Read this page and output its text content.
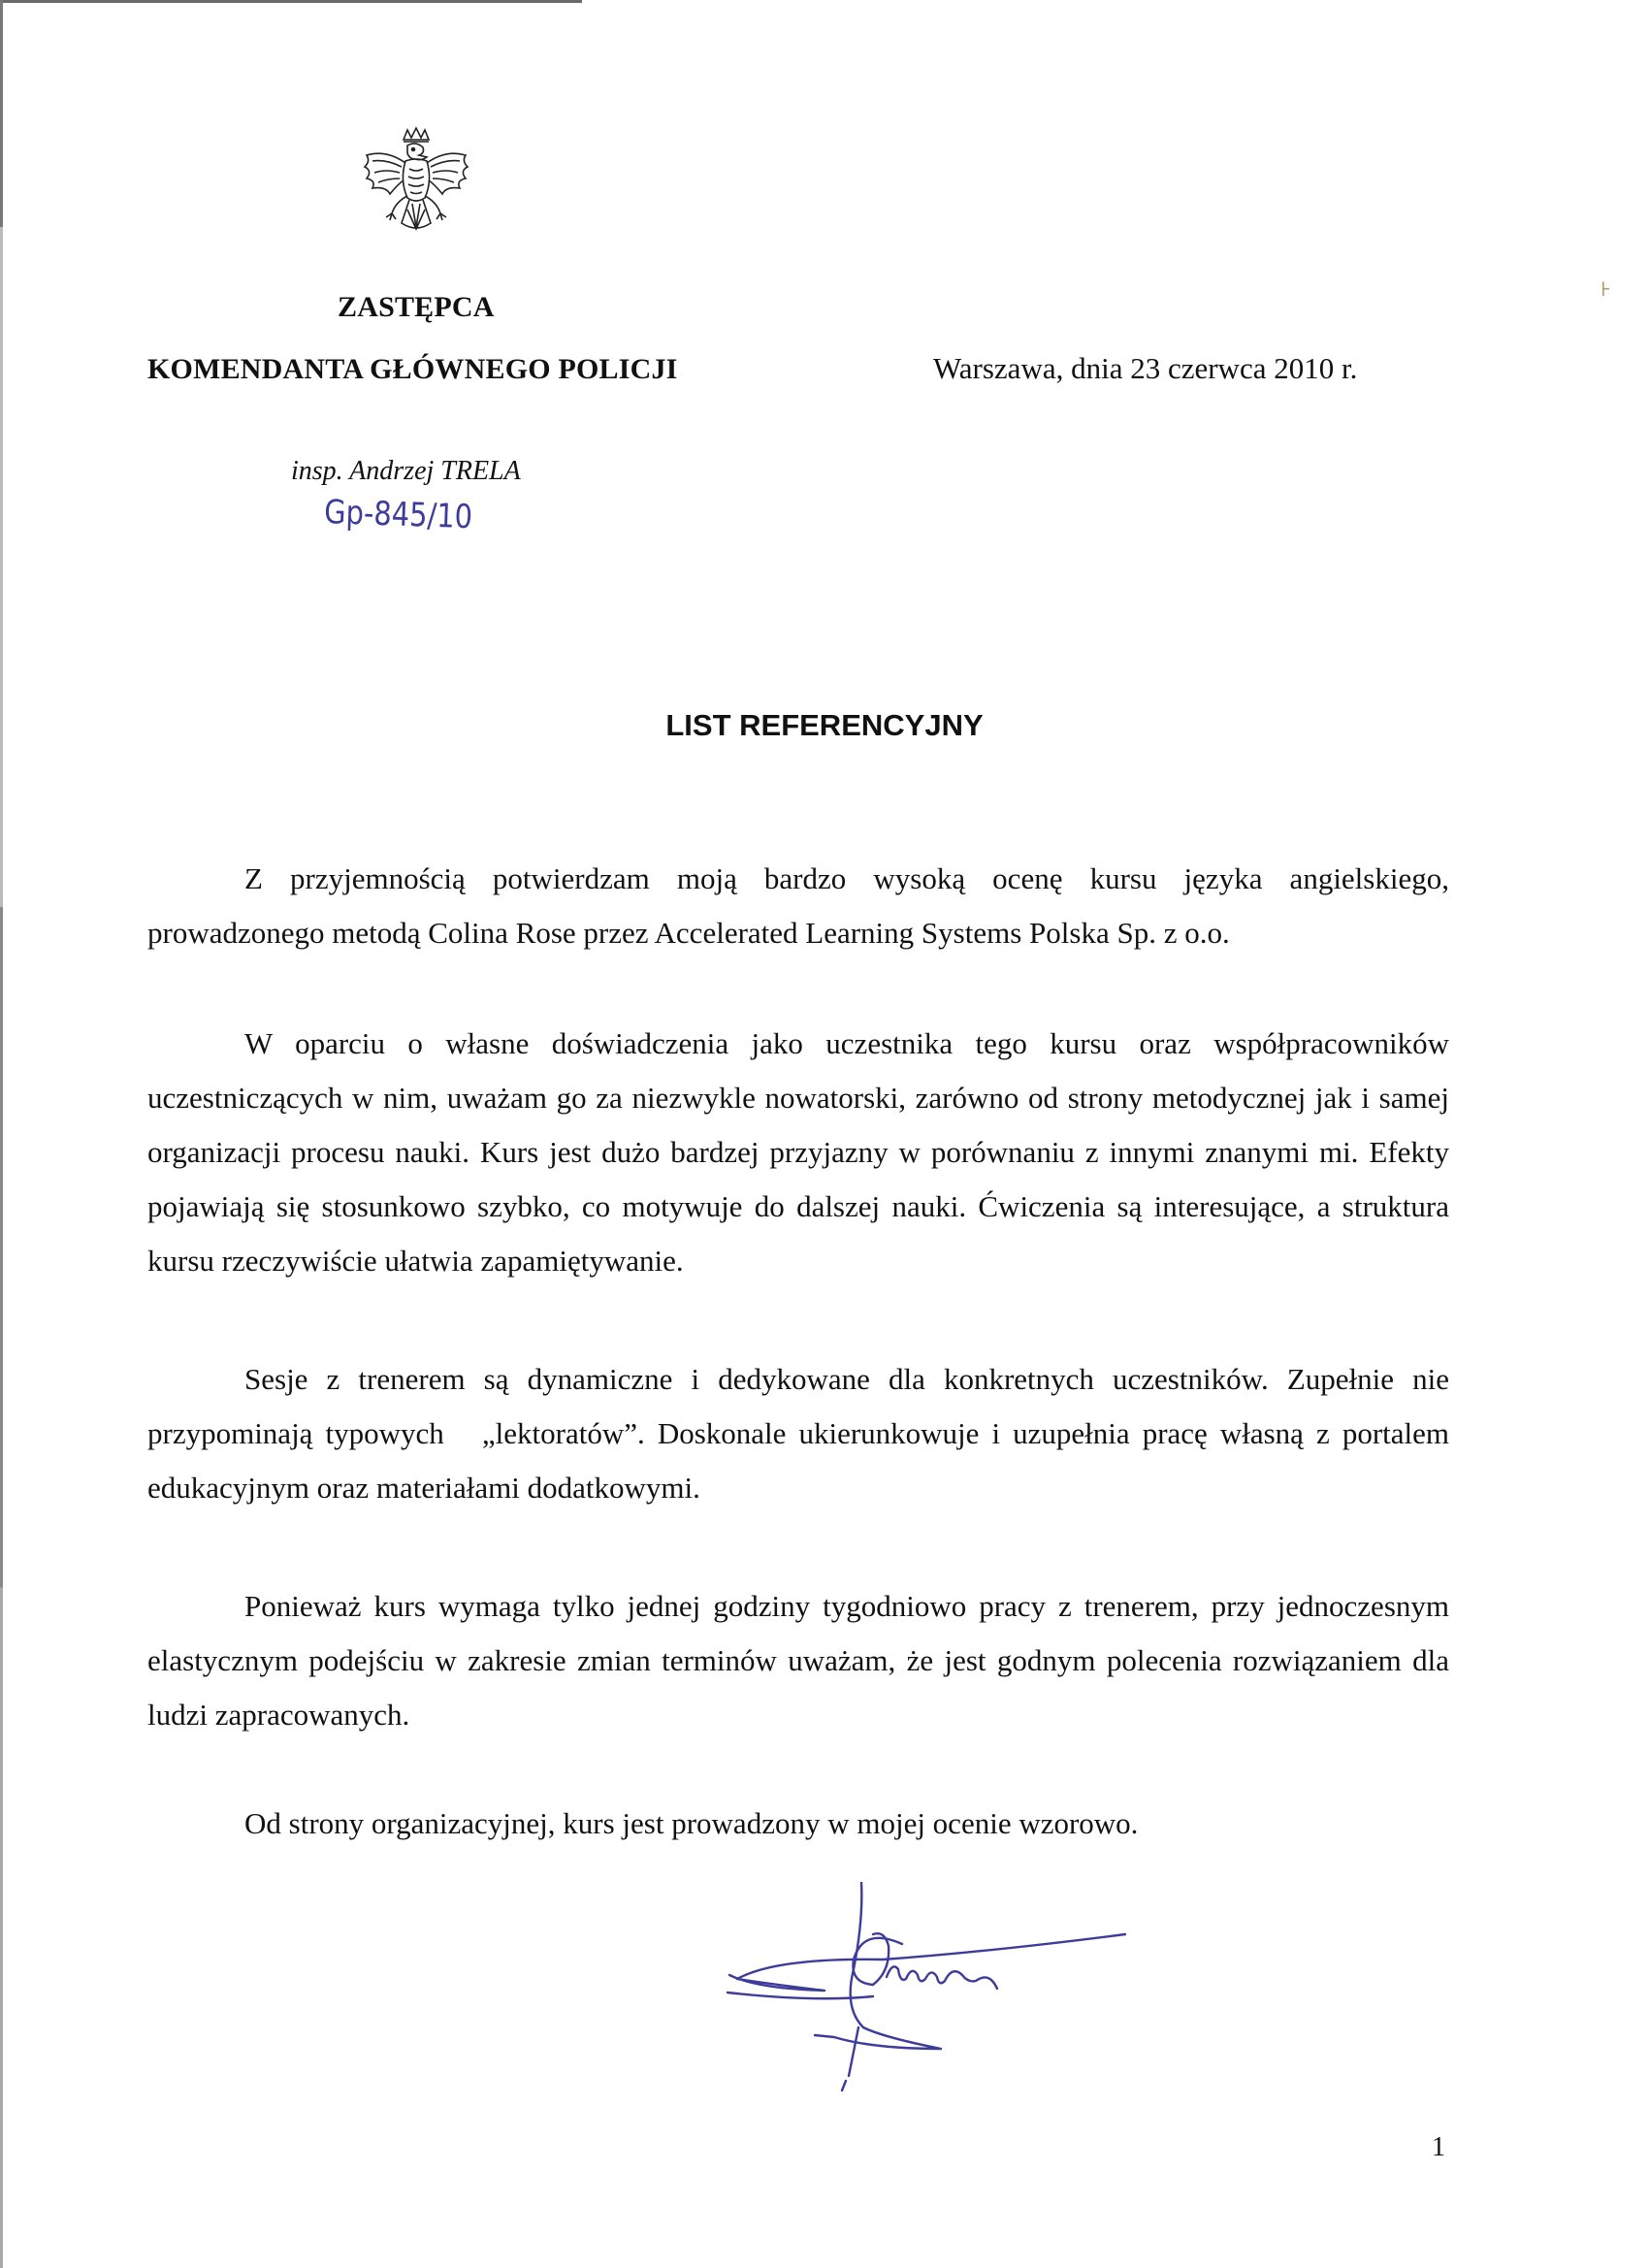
⊦
ZASTĘPCA
KOMENDANTA GŁÓWNEGO POLICJI	Warszawa, dnia 23 czerwca 2010 r.
insp. Andrzej TRELA
Gp-845/10
LIST REFERENCYJNY

Z przyjemnością potwierdzam moją bardzo wysoką ocenę kursu języka angielskiego, prowadzonego metodą Colina Rose przez Accelerated Learning Systems Polska Sp. z o.o.

W oparciu o własne doświadczenia jako uczestnika tego kursu oraz współpracowników uczestniczących w nim, uważam go za niezwykle nowatorski, zarówno od strony metodycznej jak i samej organizacji procesu nauki. Kurs jest dużo bardzej przyjazny w porównaniu z innymi znanymi mi. Efekty pojawiają się stosunkowo szybko, co motywuje do dalszej nauki. Ćwiczenia są interesujące, a struktura kursu rzeczywiście ułatwia zapamiętywanie.

Sesje z trenerem są dynamiczne i dedykowane dla konkretnych uczestników. Zupełnie nie przypominają typowych   „lektoratów”. Doskonale ukierunkowuje i uzupełnia pracę własną z portalem edukacyjnym oraz materiałami dodatkowymi.

Ponieważ kurs wymaga tylko jednej godziny tygodniowo pracy z trenerem, przy jednoczesnym elastycznym podejściu w zakresie zmian terminów uważam, że jest godnym polecenia rozwiązaniem dla ludzi zapracowanych.

Od strony organizacyjnej, kurs jest prowadzony w mojej ocenie wzorowo.

1
